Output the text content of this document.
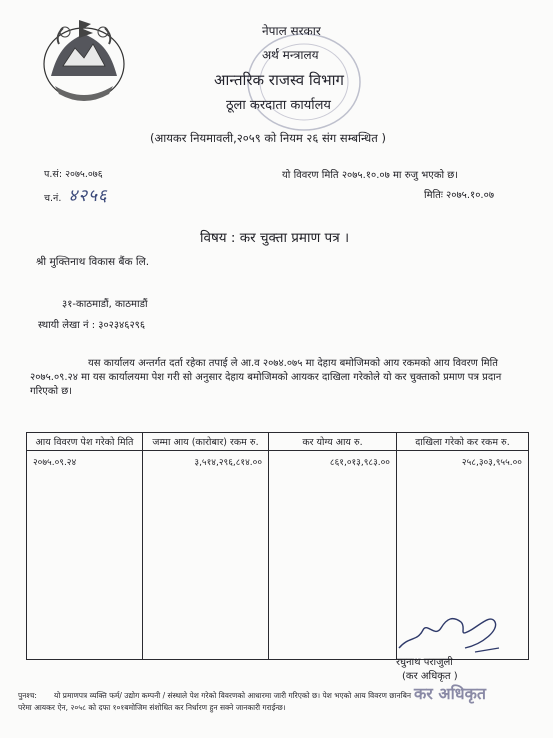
नेपाल सरकार
अर्थ मन्त्रालय
आन्तरिक राजस्व विभाग
ठूला करदाता कार्यालय
(आयकर नियमावली,२०५९ को नियम २६ संग सम्बन्धित )
प.सं: २०७५.०७६
च.नं. ४२५६
यो विवरण मिति २०७५.१०.०७ मा रुजु भएको छ।
मितिः २०७५.१०.०७
विषय : कर चुक्ता प्रमाण पत्र ।
श्री मुक्तिनाथ विकास बैंक लि.
३१-काठमाडौं, काठमाडौं
स्थायी लेखा नं : ३०२३४६२९६
यस कार्यालय अन्तर्गत दर्ता रहेका तपाई ले आ.व २०७४.०७५ मा देहाय बमोजिमको आय रकमको आय विवरण मिति २०७५.०९.२४ मा यस कार्यालयमा पेश गरी सो अनुसार देहाय बमोजिमको आयकर दाखिला गरेकोले यो कर चुक्ताको प्रमाण पत्र प्रदान गरिएको छ।
आय विवरण पेश गरेको मिति	जम्मा आय (कारोबार) रकम रु.	कर योग्य आय रु.	दाखिला गरेको कर रकम रु.
२०७५.०९.२४	३,५१४,२९६,८१४.००	८६१,०१३,९८३.००	२५८,३०३,९५५.००
रघुनाथ पराजुली
(कर अधिकृत )
कर अधिकृत
पुनश्च: यो प्रमाणपत्र व्यक्ति फर्म/ उद्योग कम्पनी / संस्थाले पेश गरेको विवरणको आधारमा जारी गरिएको छ। पेश भएको आय विवरण छानबिन
परेमा आयकर ऐन, २०५८ को दफा १०१बमोजिम संशोधित कर निर्धारण हुन सक्ने जानकारी गराईन्छ।
